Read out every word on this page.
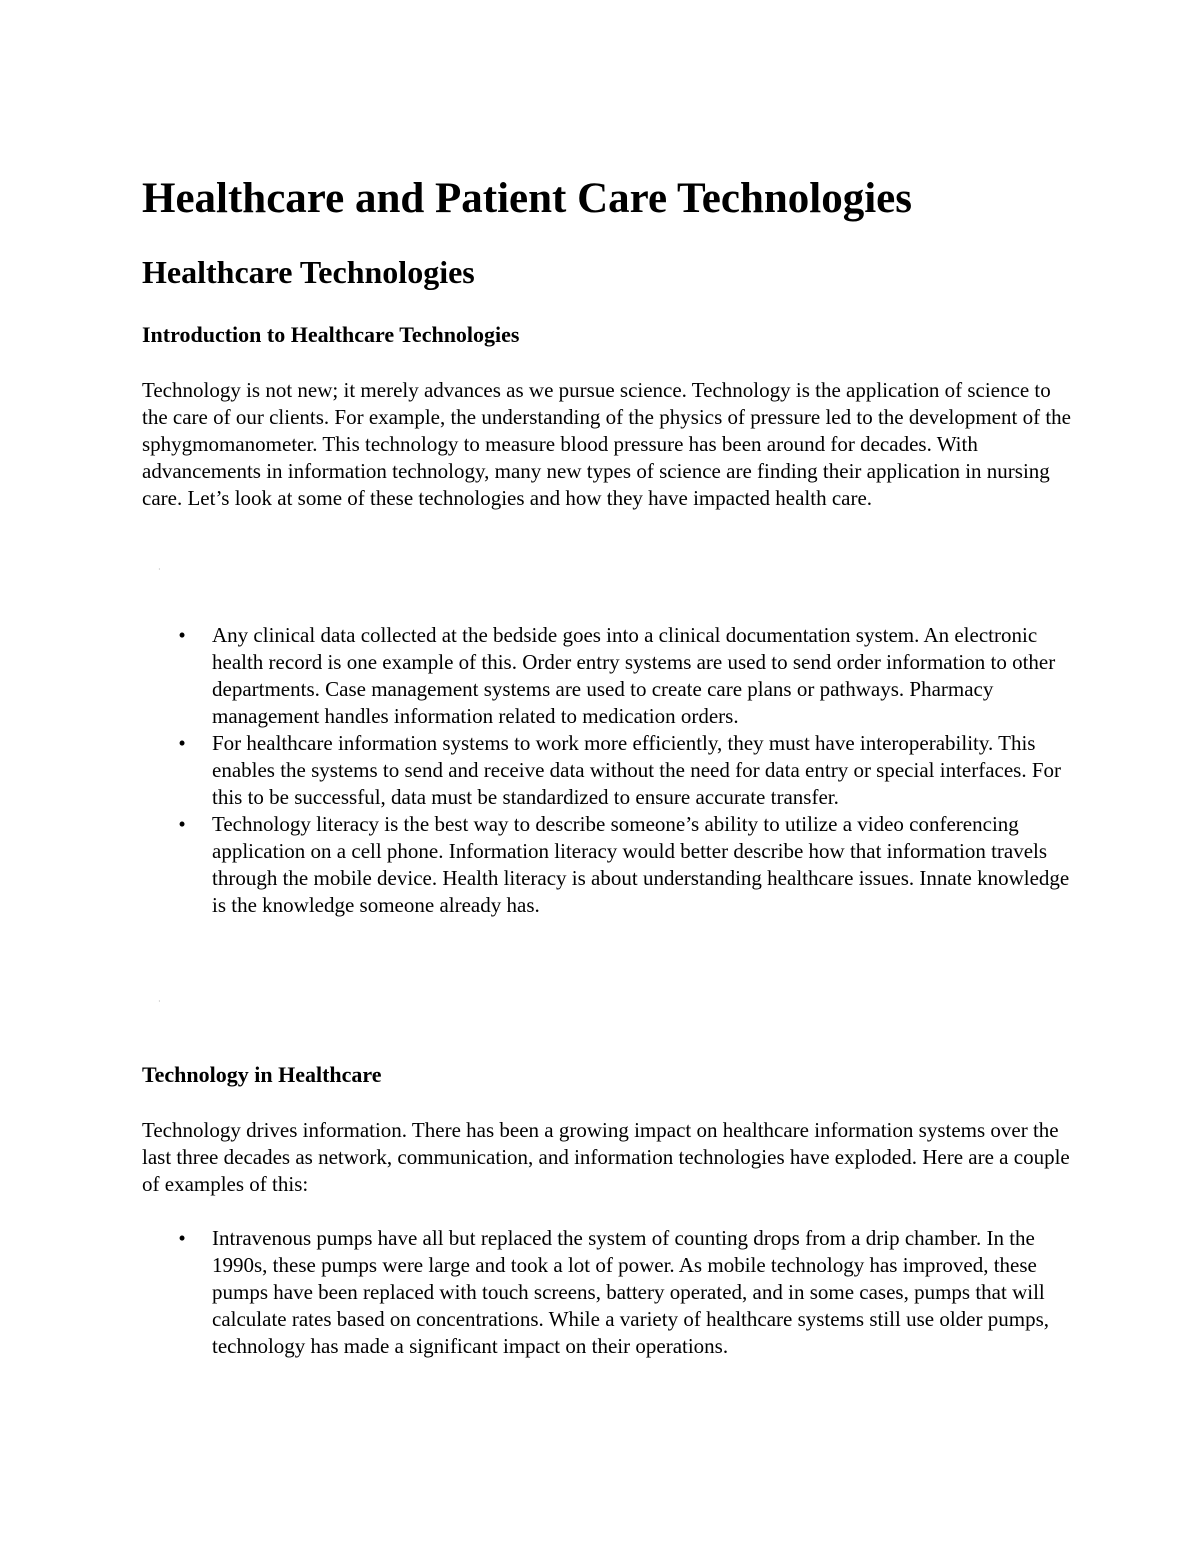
Healthcare and Patient Care Technologies
Healthcare Technologies
Introduction to Healthcare Technologies

Technology is not new; it merely advances as we pursue science. Technology is the application of science to the care of our clients. For example, the understanding of the physics of pressure led to the development of the sphygmomanometer. This technology to measure blood pressure has been around for decades. With advancements in information technology, many new types of science are finding their application in nursing care. Let’s look at some of these technologies and how they have impacted health care.

·
•	Any clinical data collected at the bedside goes into a clinical documentation system. An electronic health record is one example of this. Order entry systems are used to send order information to other departments. Case management systems are used to create care plans or pathways. Pharmacy management handles information related to medication orders.
•	For healthcare information systems to work more efficiently, they must have interoperability. This enables the systems to send and receive data without the need for data entry or special interfaces. For this to be successful, data must be standardized to ensure accurate transfer.
•	Technology literacy is the best way to describe someone’s ability to utilize a video conferencing application on a cell phone. Information literacy would better describe how that information travels through the mobile device. Health literacy is about understanding healthcare issues. Innate knowledge is the knowledge someone already has.
·
Technology in Healthcare

Technology drives information. There has been a growing impact on healthcare information systems over the last three decades as network, communication, and information technologies have exploded. Here are a couple of examples of this:

•	Intravenous pumps have all but replaced the system of counting drops from a drip chamber. In the 1990s, these pumps were large and took a lot of power. As mobile technology has improved, these pumps have been replaced with touch screens, battery operated, and in some cases, pumps that will calculate rates based on concentrations. While a variety of healthcare systems still use older pumps, technology has made a significant impact on their operations.
